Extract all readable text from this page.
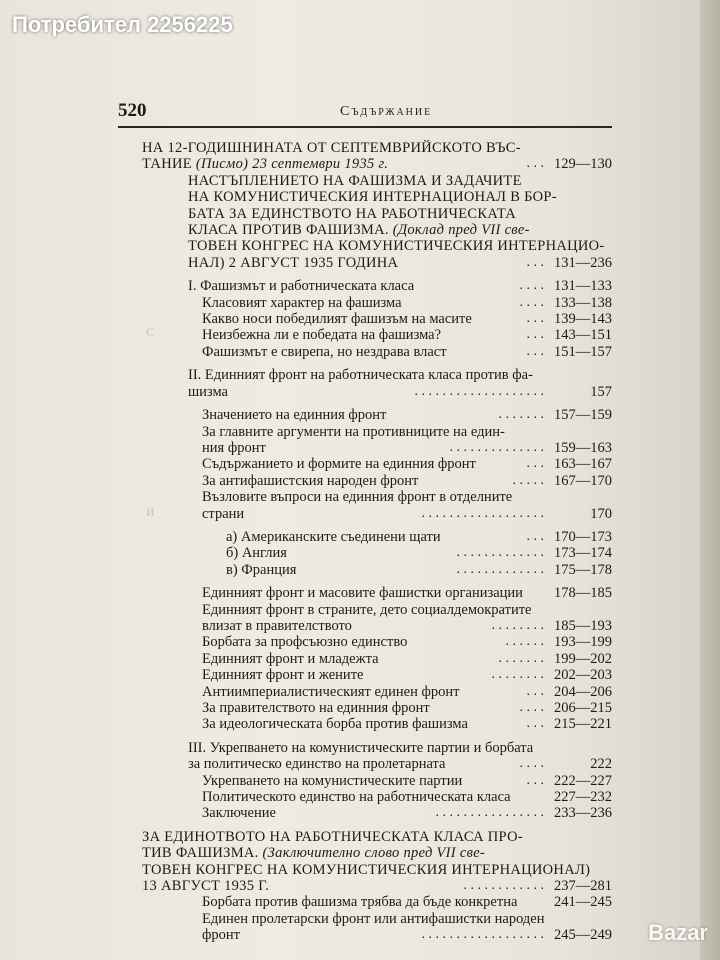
С
И
520	Съдържание
НА 12-ГОДИШНИНАТА ОТ СЕПТЕМВРИЙСКОТО ВЪС-
ТАНИЕ (Писмо) 23 септември 1935 г.	. . . 129—130
НАСТЪПЛЕНИЕТО НА ФАШИЗМА И ЗАДАЧИТЕ
НА КОМУНИСТИЧЕСКИЯ ИНТЕРНАЦИОНАЛ В БОР-
БАТА ЗА ЕДИНСТВОТО НА РАБОТНИЧЕСКАТА
КЛАСА ПРОТИВ ФАШИЗМА. (Доклад пред VII све-
ТОВЕН КОНГРЕС НА КОМУНИСТИЧЕСКИЯ ИНТЕРНАЦИО-
НАЛ) 2 АВГУСТ 1935 ГОДИНА	. . . 131—236
I. Фашизмът и работническата класа	. . . . 131—133
Класовият характер на фашизма	. . . . 133—138
Какво носи победилият фашизъм на масите	. . . 139—143
Неизбежна ли е победата на фашизма?	. . . 143—151
Фашизмът е свирепа, но нездрава власт	. . . 151—157
II. Единният фронт на работническата класа против фа-
шизма	. . . . . . . . . . . . . . . . . . .	157
Значението на единния фронт	. . . . . . . 157—159
За главните аргументи на противниците на един-
ния фронт	. . . . . . . . . . . . . . 159—163
Съдържанието и формите на единния фронт	. . . 163—167
За антифашистския народен фронт	. . . . . 167—170
Възловите въпроси на единния фронт в отделните
страни	. . . . . . . . . . . . . . . . . .	170
а) Американските съединени щати	. . . 170—173
б) Англия	. . . . . . . . . . . . . 173—174
в) Франция	. . . . . . . . . . . . . 175—178
Единният фронт и масовите фашистки организации	178—185
Единният фронт в страните, дето социалдемократите
влизат в правителството	. . . . . . . . 185—193
Борбата за профсъюзно единство	. . . . . . 193—199
Единният фронт и младежта	. . . . . . . 199—202
Единният фронт и жените	. . . . . . . . 202—203
Антиимпериалистическият единен фронт	. . . 204—206
За правителството на единния фронт	. . . . 206—215
За идеологическата борба против фашизма	. . . 215—221
III. Укрепването на комунистическите партии и борбата
за политическо единство на пролетарната	. . . .	222
Укрепването на комунистическите партии	. . . 222—227
Политическото единство на работническата класа	227—232
Заключение	. . . . . . . . . . . . . . . . 233—236
ЗА ЕДИНОТВОТО НА РАБОТНИЧЕСКАТА КЛАСА ПРО-
ТИВ ФАШИЗМА. (Заключително слово пред VII све-
ТОВЕН КОНГРЕС НА КОМУНИСТИЧЕСКИЯ ИНТЕРНАЦИОНАЛ)
13 АВГУСТ 1935 Г.	. . . . . . . . . . . . 237—281
Борбата против фашизма трябва да бъде конкретна	241—245
Единен пролетарски фронт или антифашистки народен
фронт	. . . . . . . . . . . . . . . . . . 245—249
Потребител 2256225
Bazar
